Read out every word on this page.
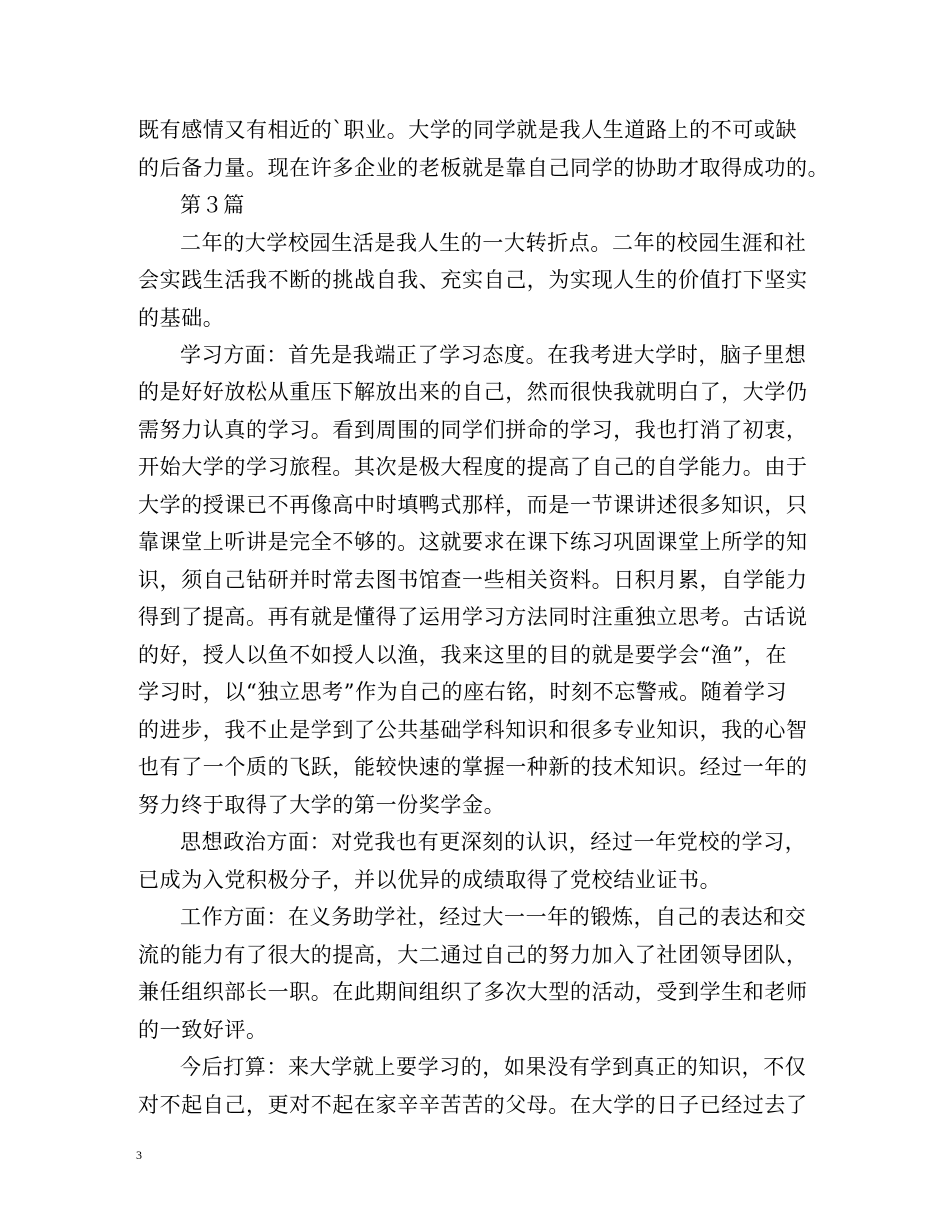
既有感情又有相近的`职业。大学的同学就是我人生道路上的不可或缺
的后备力量。现在许多企业的老板就是靠自己同学的协助才取得成功的。
第３篇
二年的大学校园生活是我人生的一大转折点。二年的校园生涯和社
会实践生活我不断的挑战自我、充实自己，为实现人生的价值打下坚实
的基础。
学习方面：首先是我端正了学习态度。在我考进大学时，脑子里想
的是好好放松从重压下解放出来的自己，然而很快我就明白了，大学仍
需努力认真的学习。看到周围的同学们拼命的学习，我也打消了初衷，
开始大学的学习旅程。其次是极大程度的提高了自己的自学能力。由于
大学的授课已不再像高中时填鸭式那样，而是一节课讲述很多知识，只
靠课堂上听讲是完全不够的。这就要求在课下练习巩固课堂上所学的知
识，须自己钻研并时常去图书馆查一些相关资料。日积月累，自学能力
得到了提高。再有就是懂得了运用学习方法同时注重独立思考。古话说
的好，授人以鱼不如授人以渔，我来这里的目的就是要学会“渔”，在
学习时，以“独立思考”作为自己的座右铭，时刻不忘警戒。随着学习
的进步，我不止是学到了公共基础学科知识和很多专业知识，我的心智
也有了一个质的飞跃，能较快速的掌握一种新的技术知识。经过一年的
努力终于取得了大学的第一份奖学金。
思想政治方面：对党我也有更深刻的认识，经过一年党校的学习，
已成为入党积极分子，并以优异的成绩取得了党校结业证书。
工作方面：在义务助学社，经过大一一年的锻炼，自己的表达和交
流的能力有了很大的提高，大二通过自己的努力加入了社团领导团队，
兼任组织部长一职。在此期间组织了多次大型的活动，受到学生和老师
的一致好评。
今后打算：来大学就上要学习的，如果没有学到真正的知识，不仅
对不起自己，更对不起在家辛辛苦苦的父母。在大学的日子已经过去了
3
